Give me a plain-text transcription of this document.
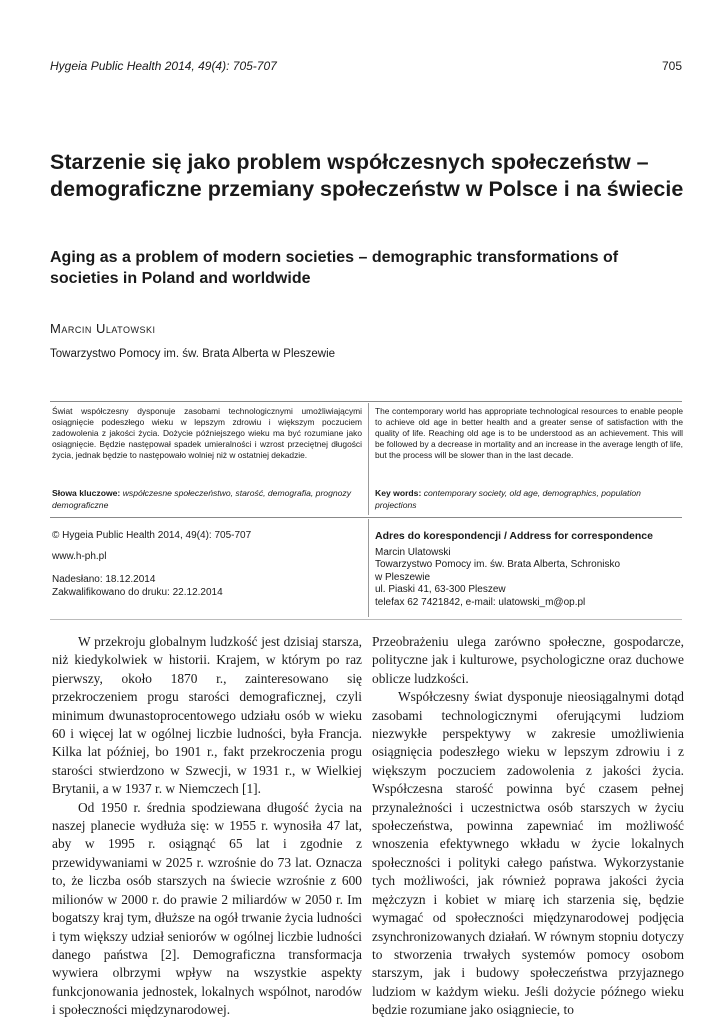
Hygeia Public Health 2014, 49(4): 705-707	705
Starzenie się jako problem współczesnych społeczeństw – demograficzne przemiany społeczeństw w Polsce i na świecie
Aging as a problem of modern societies – demographic transformations of societies in Poland and worldwide
Marcin Ulatowski
Towarzystwo Pomocy im. św. Brata Alberta w Pleszewie

Świat współczesny dysponuje zasobami technologicznymi umożliwiającymi osiągnięcie podeszłego wieku w lepszym zdrowiu i większym poczuciem zadowolenia z jakości życia. Dożycie późniejszego wieku ma być rozumiane jako osiągnięcie. Będzie następował spadek umieralności i wzrost przeciętnej długości życia, jednak będzie to następowało wolniej niż w ostatniej dekadzie.

The contemporary world has appropriate technological resources to enable people to achieve old age in better health and a greater sense of satisfaction with the quality of life. Reaching old age is to be understood as an achievement. This will be followed by a decrease in mortality and an increase in the average length of life, but the process will be slower than in the last decade.

Słowa kluczowe: współczesne społeczeństwo, starość, demografia, prognozy demograficzne

Key words: contemporary society, old age, demographics, population projections

© Hygeia Public Health 2014, 49(4): 705-707
www.h-ph.pl
Nadesłano: 18.12.2014
Zakwalifikowano do druku: 22.12.2014
Adres do korespondencji / Address for correspondence
Marcin Ulatowski
Towarzystwo Pomocy im. św. Brata Alberta, Schronisko
w Pleszewie
ul. Piaski 41, 63-300 Pleszew
telefax 62 7421842, e-mail: ulatowski_m@op.pl

W przekroju globalnym ludzkość jest dzisiaj starsza, niż kiedykolwiek w historii. Krajem, w którym po raz pierwszy, około 1870 r., zainteresowano się przekroczeniem progu starości demograficznej, czyli minimum dwunastoprocentowego udziału osób w wieku 60 i więcej lat w ogólnej liczbie ludności, była Francja. Kilka lat później, bo 1901 r., fakt przekroczenia progu starości stwierdzono w Szwecji, w 1931 r., w Wielkiej Brytanii, a w 1937 r. w Niemczech [1].

Od 1950 r. średnia spodziewana długość życia na naszej planecie wydłuża się: w 1955 r. wynosiła 47 lat, aby w 1995 r. osiągnąć 65 lat i zgodnie z przewidywaniami w 2025 r. wzrośnie do 73 lat. Oznacza to, że liczba osób starszych na świecie wzrośnie z 600 milionów w 2000 r. do prawie 2 miliardów w 2050 r. Im bogatszy kraj tym, dłuższe na ogół trwanie życia ludności i tym większy udział seniorów w ogólnej liczbie ludności danego państwa [2]. Demograficzna transformacja wywiera olbrzymi wpływ na wszystkie aspekty funkcjonowania jednostek, lokalnych wspólnot, narodów i społeczności międzynarodowej.

Przeobrażeniu ulega zarówno społeczne, gospodarcze, polityczne jak i kulturowe, psychologiczne oraz duchowe oblicze ludzkości.

Współczesny świat dysponuje nieosiągalnymi dotąd zasobami technologicznymi oferującymi ludziom niezwykłe perspektywy w zakresie umożliwienia osiągnięcia podeszłego wieku w lepszym zdrowiu i z większym poczuciem zadowolenia z jakości życia. Współczesna starość powinna być czasem pełnej przynależności i uczestnictwa osób starszych w życiu społeczeństwa, powinna zapewniać im możliwość wnoszenia efektywnego wkładu w życie lokalnych społeczności i polityki całego państwa. Wykorzystanie tych możliwości, jak również poprawa jakości życia mężczyzn i kobiet w miarę ich starzenia się, będzie wymagać od społeczności międzynarodowej podjęcia zsynchronizowanych działań. W równym stopniu dotyczy to stworzenia trwałych systemów pomocy osobom starszym, jak i budowy społeczeństwa przyjaznego ludziom w każdym wieku. Jeśli dożycie późnego wieku będzie rozumiane jako osiągniecie, to
